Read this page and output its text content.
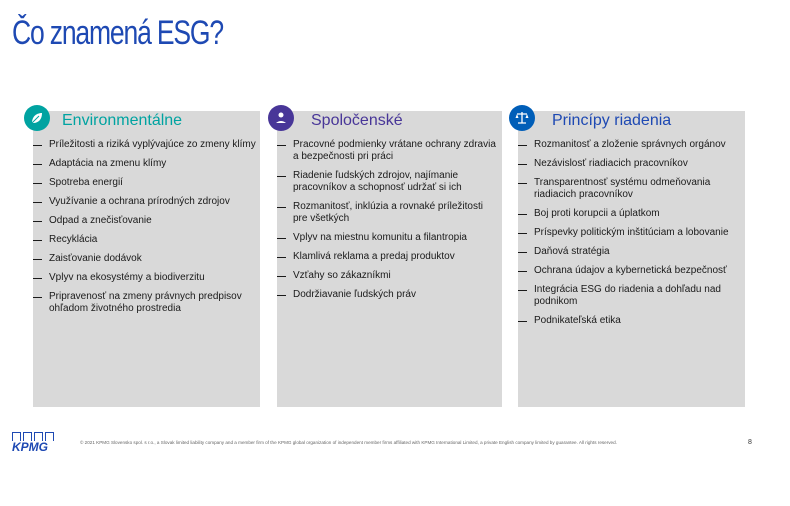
Čo znamená ESG?
Environmentálne
Príležitosti a riziká vyplývajúce zo zmeny klímy
Adaptácia na zmenu klímy
Spotreba energií
Využívanie a ochrana prírodných zdrojov
Odpad a znečisťovanie
Recyklácia
Zaisťovanie dodávok
Vplyv na ekosystémy a biodiverzitu
Pripravenosť na zmeny právnych predpisov ohľadom životného prostredia
Spoločenské
Pracovné podmienky vrátane ochrany zdravia a bezpečnosti pri práci
Riadenie ľudských zdrojov, najímanie pracovníkov a schopnosť udržať si ich
Rozmanitosť, inklúzia a rovnaké príležitosti pre všetkých
Vplyv na miestnu komunitu a filantropia
Klamlivá reklama a predaj produktov
Vzťahy so zákazníkmi
Dodržiavanie ľudských práv
Princípy riadenia
Rozmanitosť a zloženie správnych orgánov
Nezávislosť riadiacich pracovníkov
Transparentnosť systému odmeňovania riadiacich pracovníkov
Boj proti korupcii a úplatkom
Príspevky politickým inštitúciam a lobovanie
Daňová stratégia
Ochrana údajov a kybernetická bezpečnosť
Integrácia ESG do riadenia a dohľadu nad podnikom
Podnikateľská etika
KPMG	© 2021 KPMG Slovensko spol. s r.o., a Slovak limited liability company and a member firm of the KPMG global organization of independent member firms affiliated with KPMG International Limited, a private English company limited by guarantee. All rights reserved.	8
